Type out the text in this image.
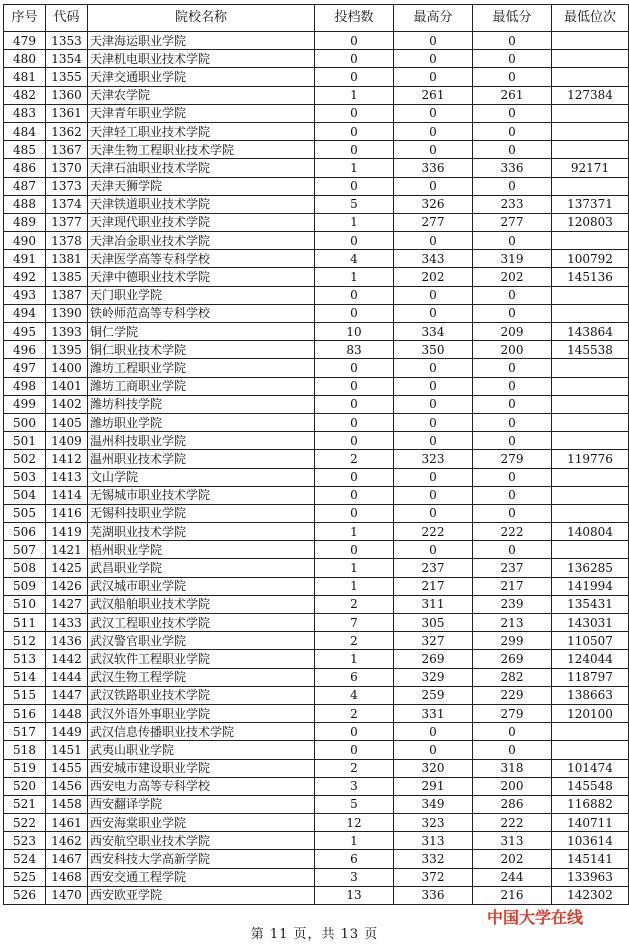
序号	代码	院校名称	投档数	最高分	最低分	最低位次
479	1353	天津海运职业学院	0	0	0	
480	1354	天津机电职业技术学院	0	0	0	
481	1355	天津交通职业学院	0	0	0	
482	1360	天津农学院	1	261	261	127384
483	1361	天津青年职业学院	0	0	0	
484	1362	天津轻工职业技术学院	0	0	0	
485	1367	天津生物工程职业技术学院	0	0	0	
486	1370	天津石油职业技术学院	1	336	336	92171
487	1373	天津天狮学院	0	0	0	
488	1374	天津铁道职业技术学院	5	326	233	137371
489	1377	天津现代职业技术学院	1	277	277	120803
490	1378	天津冶金职业技术学院	0	0	0	
491	1381	天津医学高等专科学校	4	343	319	100792
492	1385	天津中德职业技术学院	1	202	202	145136
493	1387	天门职业学院	0	0	0	
494	1390	铁岭师范高等专科学校	0	0	0	
495	1393	铜仁学院	10	334	209	143864
496	1395	铜仁职业技术学院	83	350	200	145538
497	1400	潍坊工程职业学院	0	0	0	
498	1401	潍坊工商职业学院	0	0	0	
499	1402	潍坊科技学院	0	0	0	
500	1405	潍坊职业学院	0	0	0	
501	1409	温州科技职业学院	0	0	0	
502	1412	温州职业技术学院	2	323	279	119776
503	1413	文山学院	0	0	0	
504	1414	无锡城市职业技术学院	0	0	0	
505	1416	无锡科技职业学院	0	0	0	
506	1419	芜湖职业技术学院	1	222	222	140804
507	1421	梧州职业学院	0	0	0	
508	1425	武昌职业学院	1	237	237	136285
509	1426	武汉城市职业学院	1	217	217	141994
510	1427	武汉船舶职业技术学院	2	311	239	135431
511	1433	武汉工程职业技术学院	7	305	213	143031
512	1436	武汉警官职业学院	2	327	299	110507
513	1442	武汉软件工程职业学院	1	269	269	124044
514	1444	武汉生物工程学院	6	329	282	118797
515	1447	武汉铁路职业技术学院	4	259	229	138663
516	1448	武汉外语外事职业学院	2	331	279	120100
517	1449	武汉信息传播职业技术学院	0	0	0	
518	1451	武夷山职业学院	0	0	0	
519	1455	西安城市建设职业学院	2	320	318	101474
520	1456	西安电力高等专科学校	3	291	200	145548
521	1458	西安翻译学院	5	349	286	116882
522	1461	西安海棠职业学院	12	323	222	140711
523	1462	西安航空职业技术学院	1	313	313	103614
524	1467	西安科技大学高新学院	6	332	202	145141
525	1468	西安交通工程学院	3	372	244	133963
526	1470	西安欧亚学院	13	336	216	142302
中国大学在线
第 11 页，共 13 页
